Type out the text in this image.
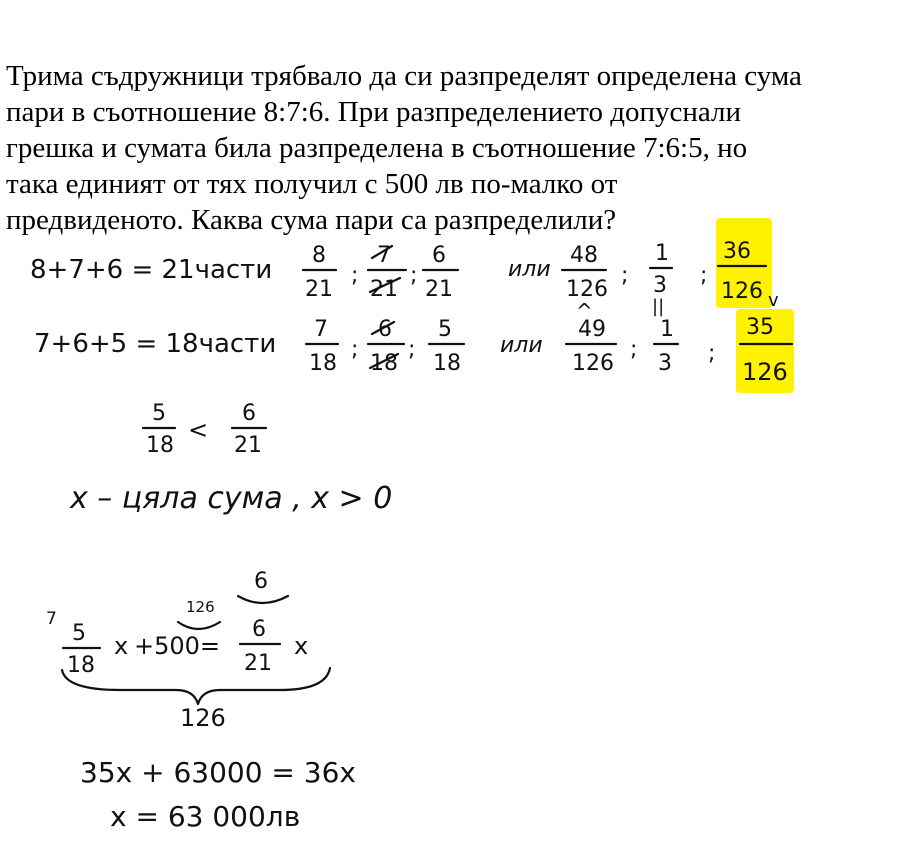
Трима съдружници трябвало да си разпределят определена сума
пари в съотношение 8:7:6. При разпределението допуснали
грешка и сумата била разпределена в съотношение 7:6:5, но
така единият от тях получил с 500 лв по-малко от
предвиденото. Каква сума пари са разпределили?
8+7+6 = 21части 8
21
;
7
21
;
6
21
или
48
126
;
1
3 ;
36
126
^	||	v
7+6+5 = 18части 7
18
;
6
18
;
5
18
или
49
126
;
1
3 ;
35
126
5
18
<
6
21
x – цяла сума , x > 0
6
126
7
5
18
x +500=
6
21
x
126
35x + 63000 = 36x
x = 63 000лв
